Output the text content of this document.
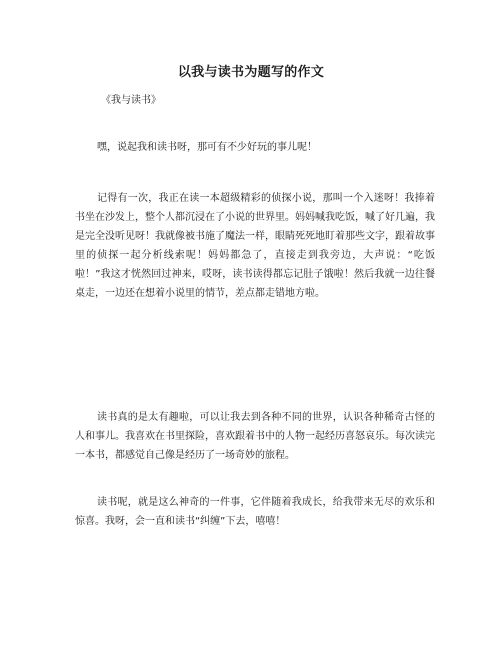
以我与读书为题写的作文
《我与读书》

嘿，说起我和读书呀，那可有不少好玩的事儿呢！

记得有一次，我正在读一本超级精彩的侦探小说，那叫一个入迷呀！我捧着书坐在沙发上，整个人都沉浸在了小说的世界里。妈妈喊我吃饭，喊了好几遍，我是完全没听见呀！我就像被书施了魔法一样，眼睛死死地盯着那些文字，跟着故事里的侦探一起分析线索呢！妈妈都急了，直接走到我旁边，大声说：“吃饭啦！”我这才恍然回过神来，哎呀，读书读得都忘记肚子饿啦！然后我就一边往餐桌走，一边还在想着小说里的情节，差点都走错地方啦。

读书真的是太有趣啦，可以让我去到各种不同的世界，认识各种稀奇古怪的人和事儿。我喜欢在书里探险，喜欢跟着书中的人物一起经历喜怒哀乐。每次读完一本书，都感觉自己像是经历了一场奇妙的旅程。

读书呢，就是这么神奇的一件事，它伴随着我成长，给我带来无尽的欢乐和惊喜。我呀，会一直和读书“纠缠”下去，嘻嘻！
